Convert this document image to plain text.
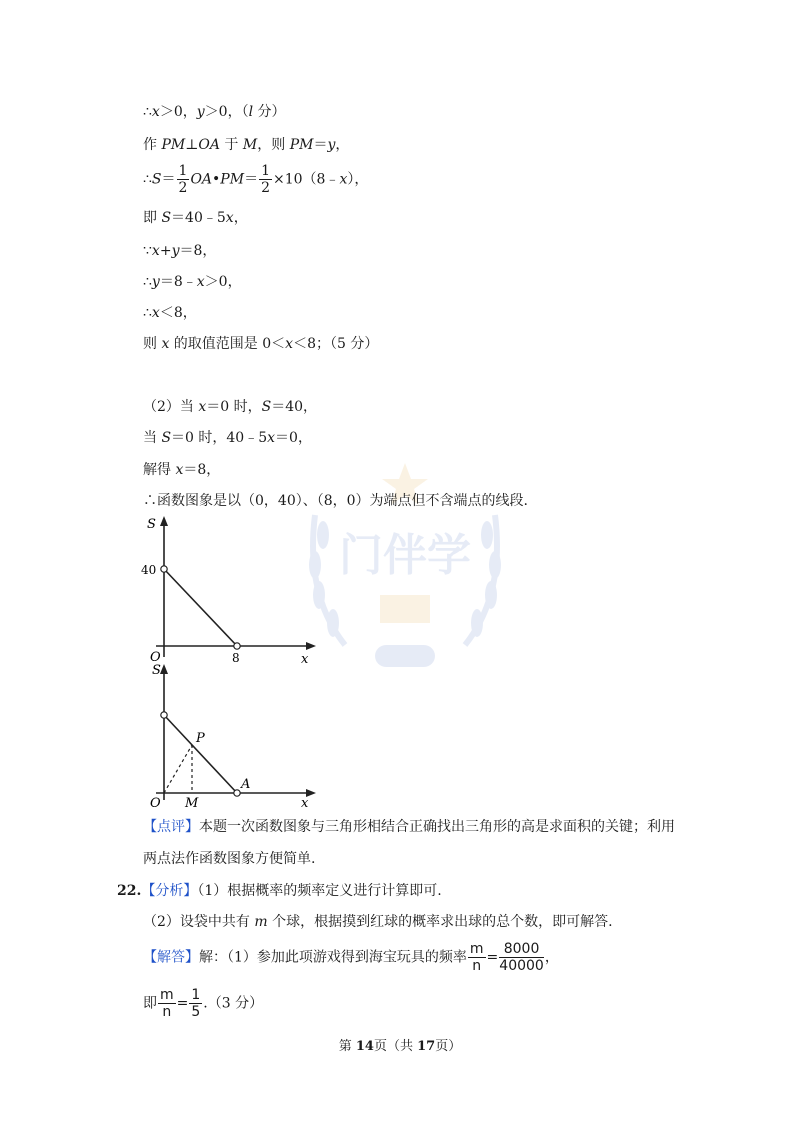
门伴学
∴x＞0，y＞0，（l 分）
作 PM⊥OA 于 M，则 PM＝y，
∴S＝ $\frac{1}{2}$ OA•PM＝ $\frac{1}{2}$ ×10（8﹣x），
即 S＝40﹣5x，
∵x+y＝8，
∴y＝8﹣x＞0，
∴x＜8，
则 x 的取值范围是 0＜x＜8；（5 分）
（2）当 x＝0 时，S＝40，
当 S＝0 时，40﹣5x＝0，
解得 x＝8，
∴函数图象是以（0，40）、（8，0）为端点但不含端点的线段.
S
x
O
40
8
S
x
O
P
M
A
【点评】本题一次函数图象与三角形相结合正确找出三角形的高是求面积的关键；利用
两点法作函数图象方便简单.
22.【分析】（1）根据概率的频率定义进行计算即可.
（2）设袋中共有 m 个球，根据摸到红球的概率求出球的总个数，即可解答.
【解答】解：（1）参加此项游戏得到海宝玩具的频率 $\frac{m}{n} = \frac{8000}{40000}$ ，
即 $\frac{m}{n} = \frac{1}{5} .(3$ 分）
第 14页（共 17页）
